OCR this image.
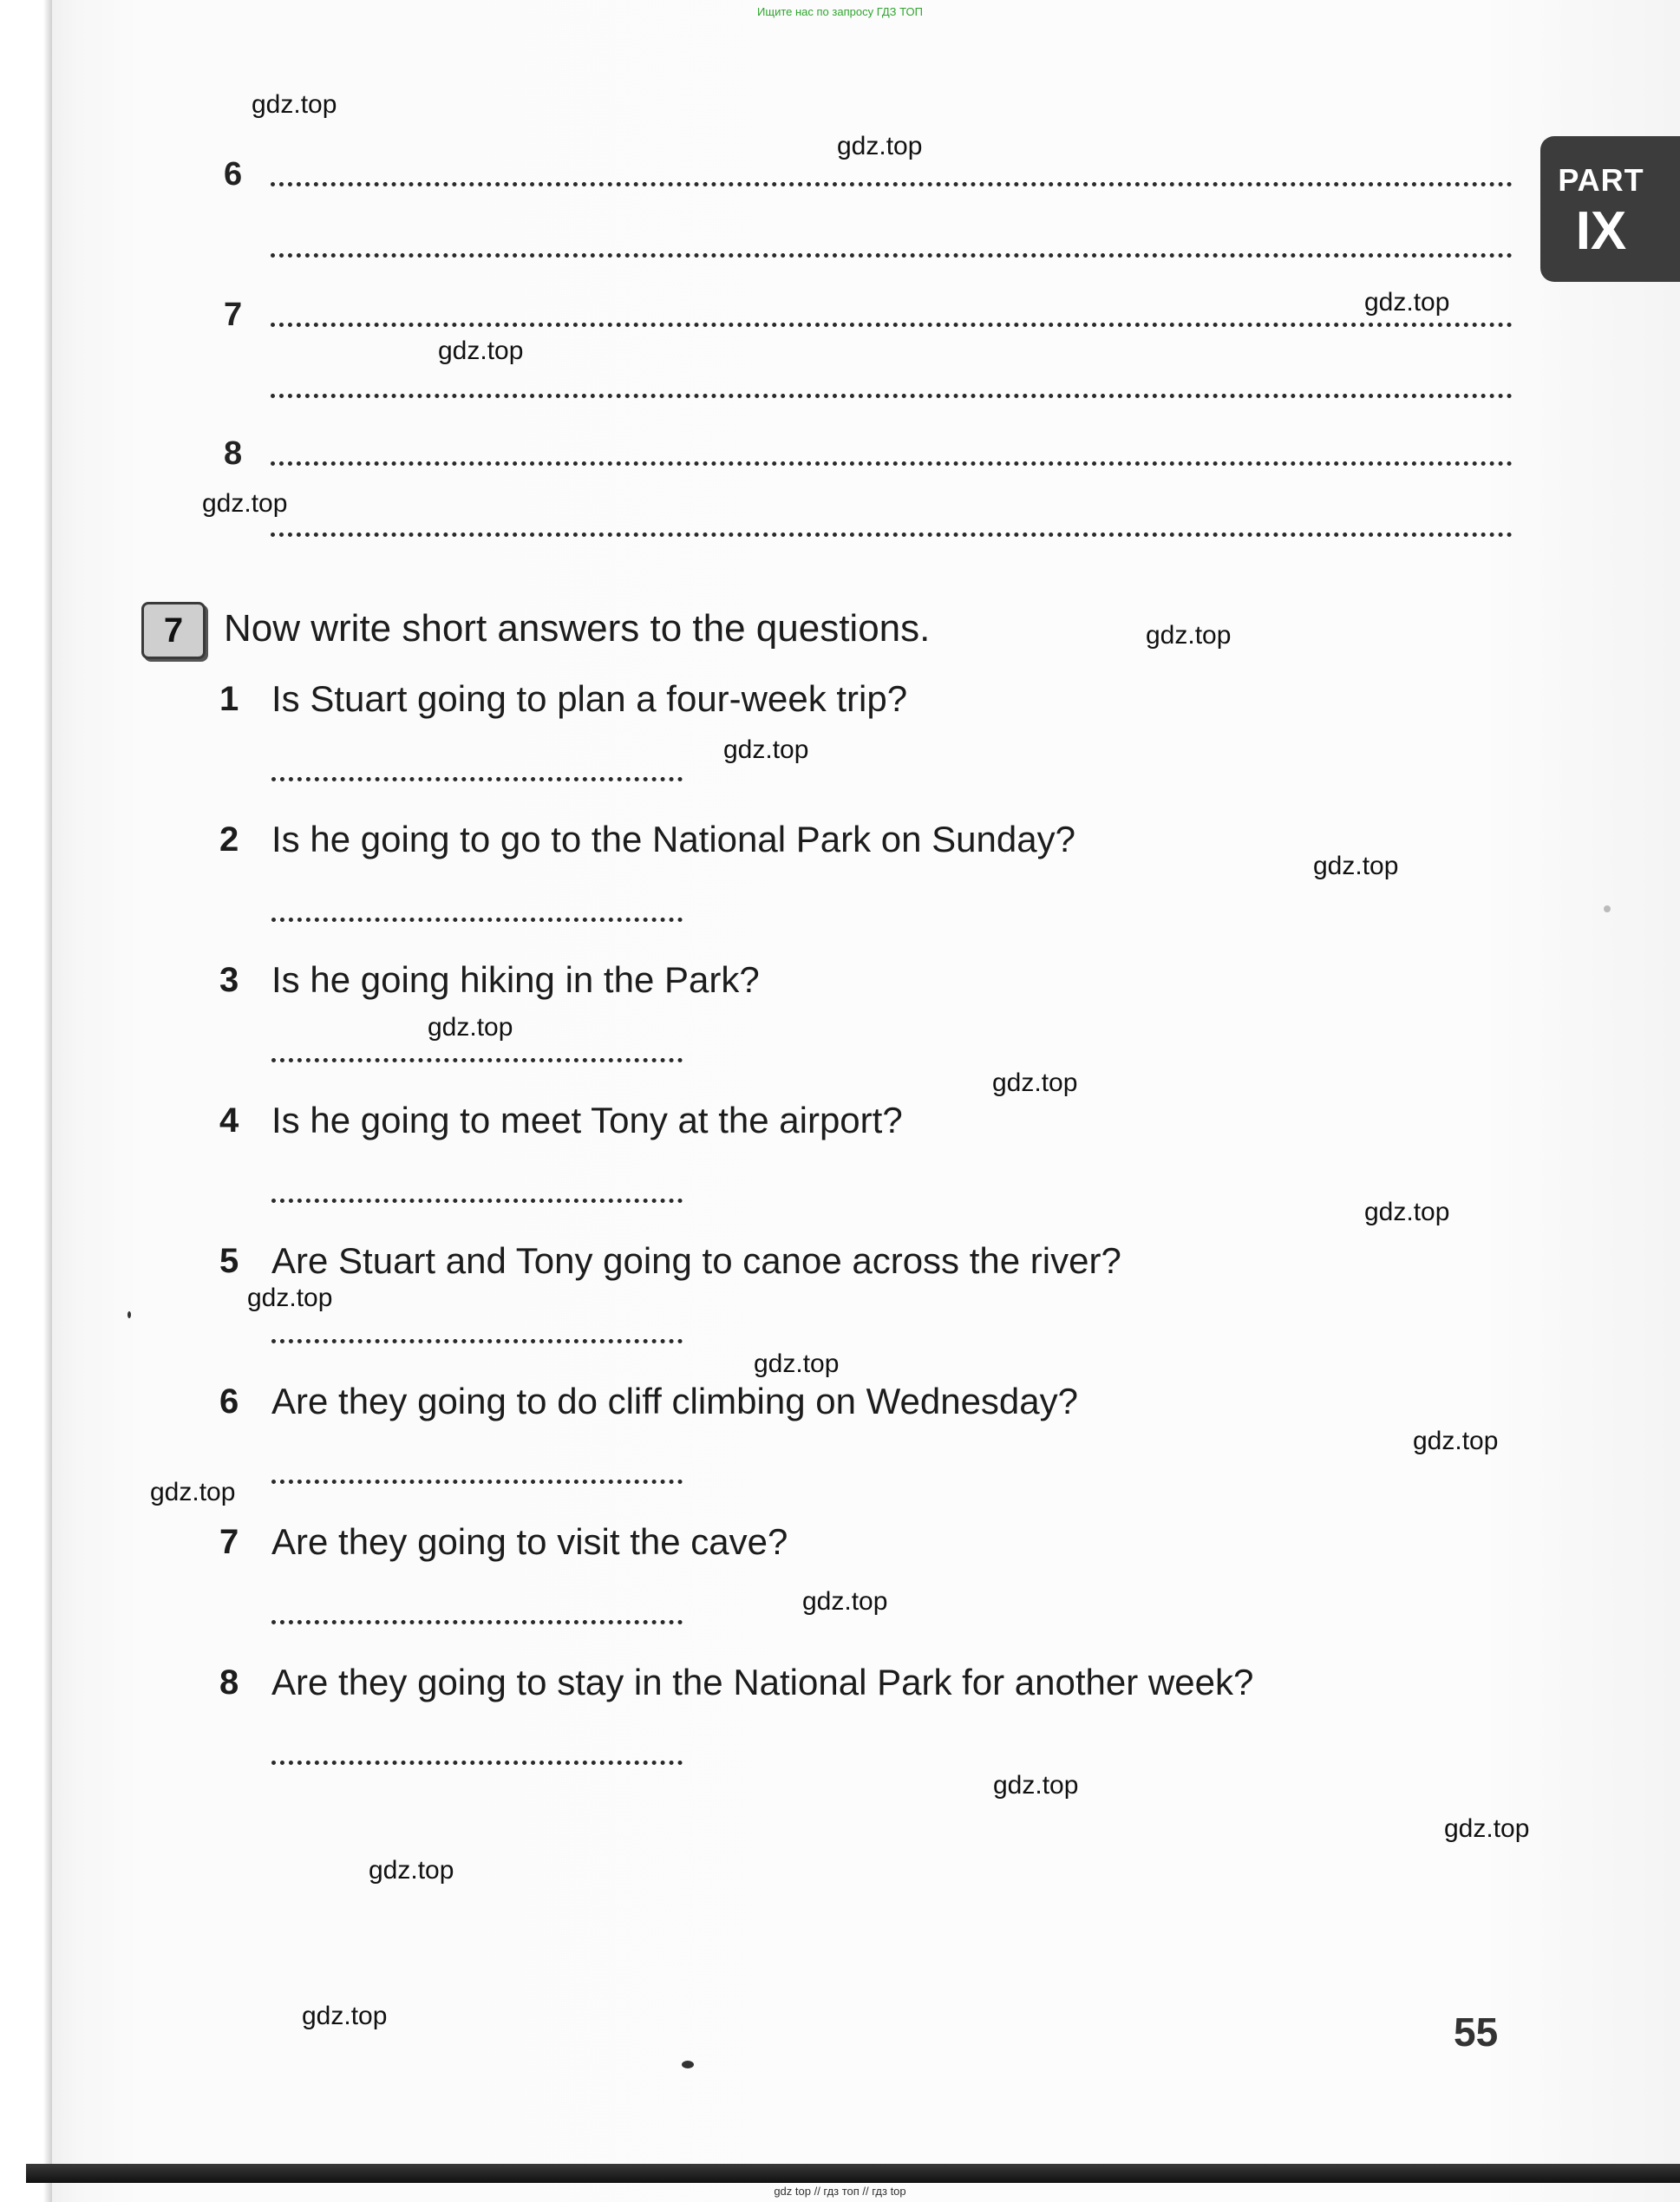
Ищите нас по запросу ГДЗ ТОП
PART
IX
6
7
8
7	Now write short answers to the questions.
1 Is Stuart going to plan a four-week trip?
2 Is he going to go to the National Park on Sunday?
3 Is he going hiking in the Park?
4 Is he going to meet Tony at the airport?
5 Are Stuart and Tony going to canoe across the river?
6 Are they going to do cliff climbing on Wednesday?
7 Are they going to visit the cave?
8 Are they going to stay in the National Park for another week?
55
gdz.top
gdz.top
gdz.top
gdz.top
gdz.top
gdz.top
gdz.top
gdz.top
gdz.top
gdz.top
gdz.top
gdz.top
gdz.top
gdz.top
gdz.top
gdz.top
gdz.top
gdz.top
gdz.top
gdz.top
gdz top // гдз топ // гдз top
